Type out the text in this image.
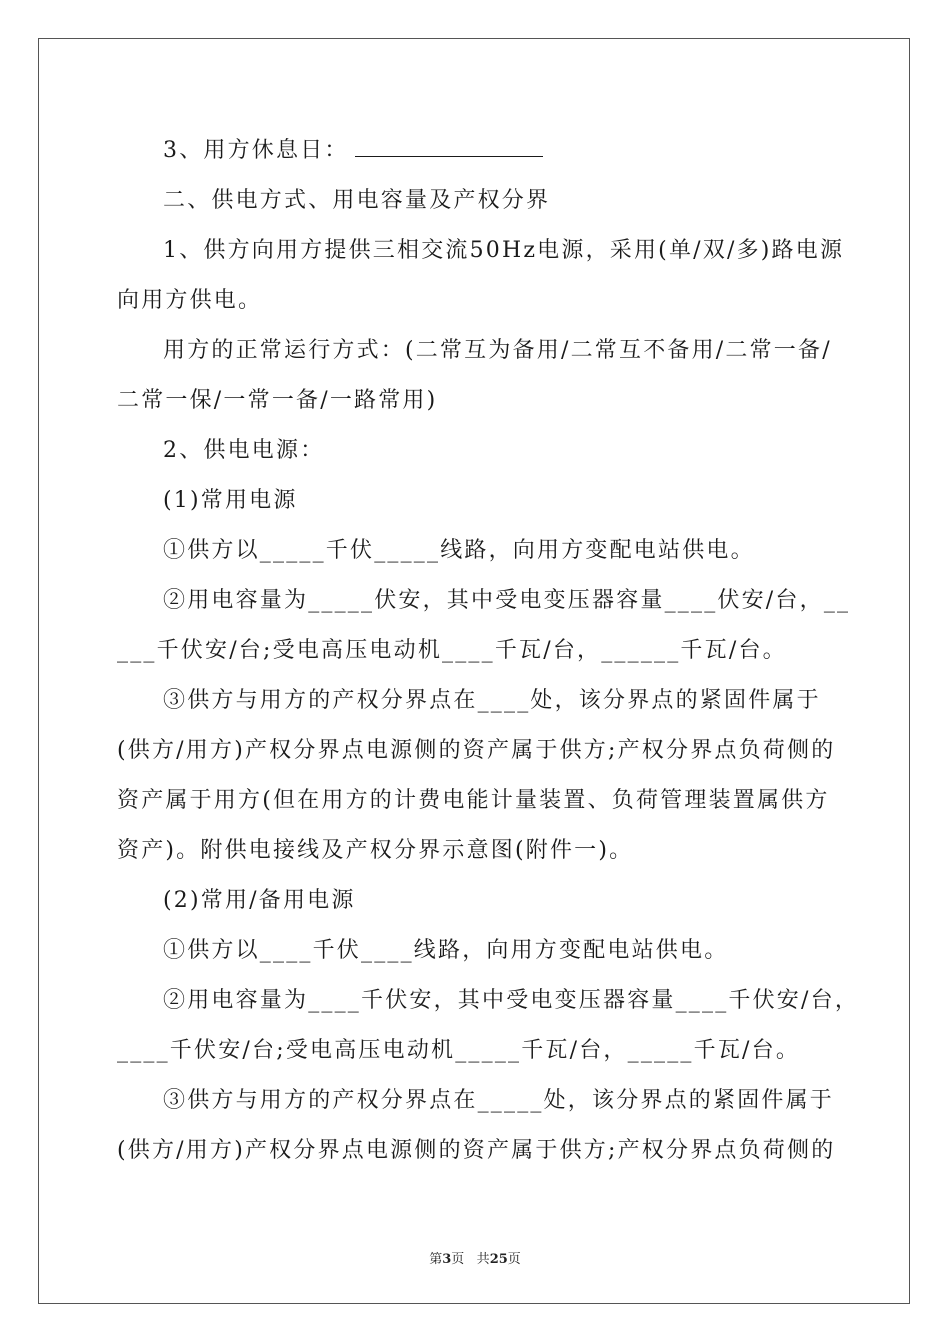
3、用方休息日：
二、供电方式、用电容量及产权分界
1、供方向用方提供三相交流50Hz电源，采用(单/双/多)路电源
向用方供电。
用方的正常运行方式：(二常互为备用/二常互不备用/二常一备/
二常一保/一常一备/一路常用)
2、供电电源：
(1)常用电源
①供方以_____千伏_____线路，向用方变配电站供电。
②用电容量为_____伏安，其中受电变压器容量____伏安/台，__
___千伏安/台;受电高压电动机____千瓦/台，______千瓦/台。
③供方与用方的产权分界点在____处，该分界点的紧固件属于
(供方/用方)产权分界点电源侧的资产属于供方;产权分界点负荷侧的
资产属于用方(但在用方的计费电能计量装置、负荷管理装置属供方
资产)。附供电接线及产权分界示意图(附件一)。
(2)常用/备用电源
①供方以____千伏____线路，向用方变配电站供电。
②用电容量为____千伏安，其中受电变压器容量____千伏安/台，
____千伏安/台;受电高压电动机_____千瓦/台，_____千瓦/台。
③供方与用方的产权分界点在_____处，该分界点的紧固件属于
(供方/用方)产权分界点电源侧的资产属于供方;产权分界点负荷侧的
第3页 共25页
